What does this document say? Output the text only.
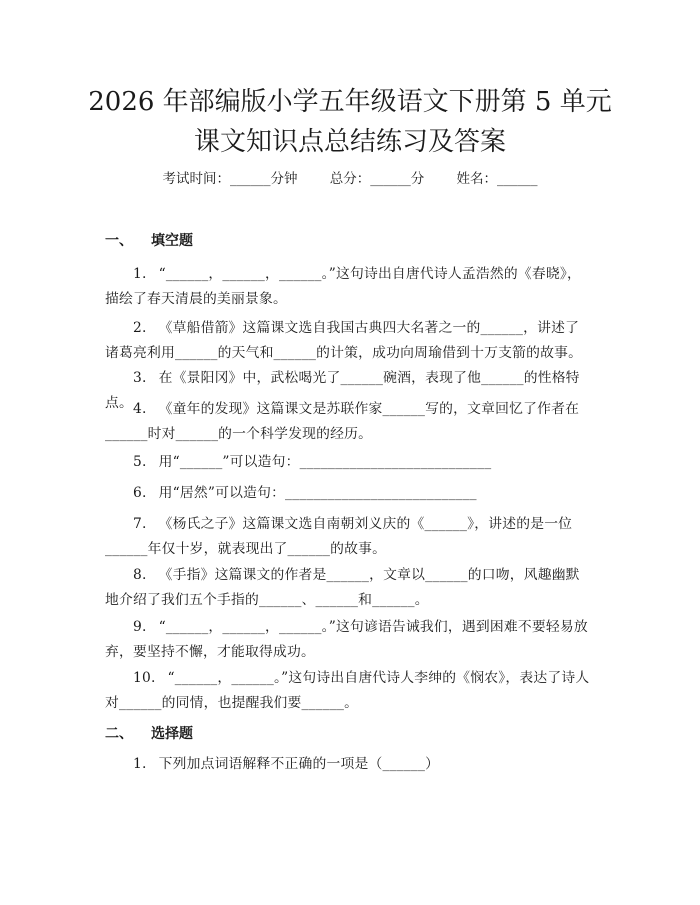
2026 年部编版小学五年级语文下册第 5 单元
课文知识点总结练习及答案
考试时间：______分钟 总分：______分 姓名：______
一、 填空题

1. “______，______，______。”这句诗出自唐代诗人孟浩然的《春晓》，描绘了春天清晨的美丽景象。

2. 《草船借箭》这篇课文选自我国古典四大名著之一的______，讲述了诸葛亮利用______的天气和______的计策，成功向周瑜借到十万支箭的故事。

3. 在《景阳冈》中，武松喝光了______碗酒，表现了他______的性格特点。 4. 《童年的发现》这篇课文是苏联作家______写的，文章回忆了作者在______时对______的一个科学发现的经历。

5. 用“______”可以造句：___________________________

6. 用“居然”可以造句：___________________________

7. 《杨氏之子》这篇课文选自南朝刘义庆的《______》，讲述的是一位______年仅十岁，就表现出了______的故事。

8. 《手指》这篇课文的作者是______，文章以______的口吻，风趣幽默地介绍了我们五个手指的______、______和______。

9. “______，______，______。”这句谚语告诫我们，遇到困难不要轻易放弃，要坚持不懈，才能取得成功。

10. “______，______。”这句诗出自唐代诗人李绅的《悯农》，表达了诗人对______的同情，也提醒我们要______。

二、 选择题

1. 下列加点词语解释不正确的一项是（______）
